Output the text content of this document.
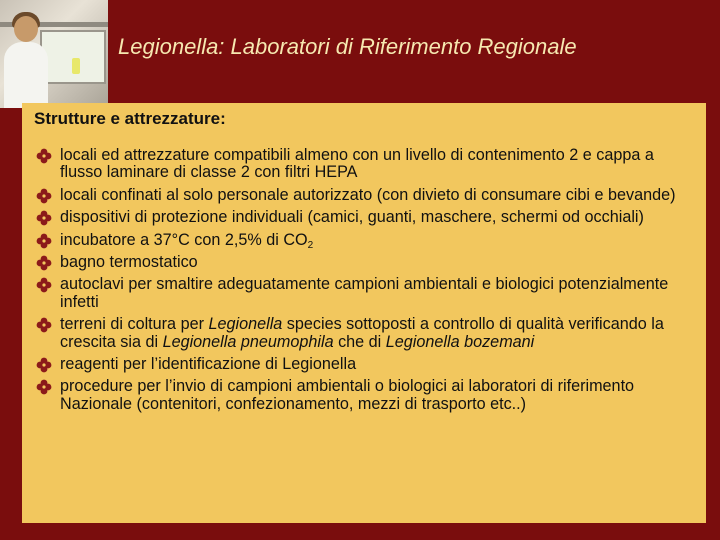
Legionella: Laboratori di Riferimento Regionale
Strutture e attrezzature:
locali ed attrezzature compatibili almeno con un livello di contenimento 2 e cappa a flusso laminare di classe 2 con filtri HEPA
locali confinati al solo personale autorizzato (con divieto di consumare cibi e bevande)
dispositivi di protezione individuali (camici, guanti, maschere, schermi od occhiali)
incubatore a 37°C con 2,5% di $CO_2$
bagno termostatico
autoclavi per smaltire adeguatamente campioni ambientali e biologici potenzialmente infetti
terreni di coltura per Legionella species sottoposti a controllo di qualità verificando la crescita sia di Legionella pneumophila che di Legionella bozemani
reagenti per l’identificazione di Legionella
procedure per l’invio di campioni ambientali o biologici ai laboratori di riferimento Nazionale (contenitori, confezionamento, mezzi di trasporto etc..)
